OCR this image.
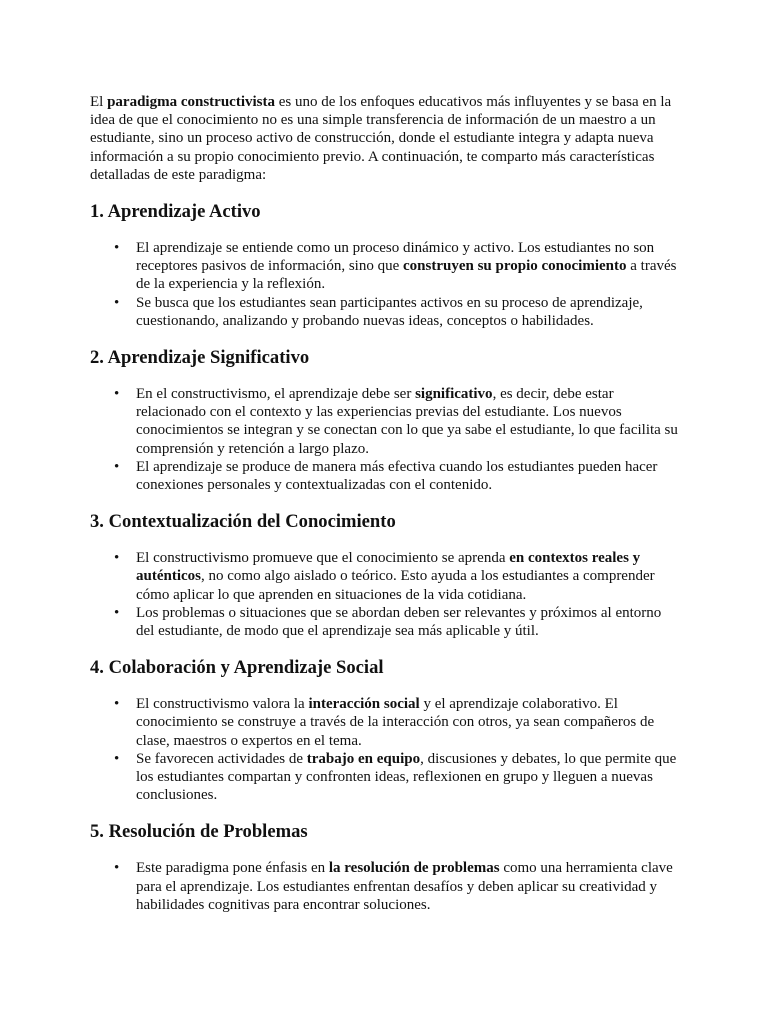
El paradigma constructivista es uno de los enfoques educativos más influyentes y se basa en la idea de que el conocimiento no es una simple transferencia de información de un maestro a un estudiante, sino un proceso activo de construcción, donde el estudiante integra y adapta nueva información a su propio conocimiento previo. A continuación, te comparto más características detalladas de este paradigma:

1. Aprendizaje Activo
• El aprendizaje se entiende como un proceso dinámico y activo. Los estudiantes no son receptores pasivos de información, sino que construyen su propio conocimiento a través de la experiencia y la reflexión.
• Se busca que los estudiantes sean participantes activos en su proceso de aprendizaje, cuestionando, analizando y probando nuevas ideas, conceptos o habilidades.
2. Aprendizaje Significativo
• En el constructivismo, el aprendizaje debe ser significativo, es decir, debe estar relacionado con el contexto y las experiencias previas del estudiante. Los nuevos conocimientos se integran y se conectan con lo que ya sabe el estudiante, lo que facilita su comprensión y retención a largo plazo.
• El aprendizaje se produce de manera más efectiva cuando los estudiantes pueden hacer conexiones personales y contextualizadas con el contenido.
3. Contextualización del Conocimiento
• El constructivismo promueve que el conocimiento se aprenda en contextos reales y auténticos, no como algo aislado o teórico. Esto ayuda a los estudiantes a comprender cómo aplicar lo que aprenden en situaciones de la vida cotidiana.
• Los problemas o situaciones que se abordan deben ser relevantes y próximos al entorno del estudiante, de modo que el aprendizaje sea más aplicable y útil.
4. Colaboración y Aprendizaje Social
• El constructivismo valora la interacción social y el aprendizaje colaborativo. El conocimiento se construye a través de la interacción con otros, ya sean compañeros de clase, maestros o expertos en el tema.
• Se favorecen actividades de trabajo en equipo, discusiones y debates, lo que permite que los estudiantes compartan y confronten ideas, reflexionen en grupo y lleguen a nuevas conclusiones.
5. Resolución de Problemas
• Este paradigma pone énfasis en la resolución de problemas como una herramienta clave para el aprendizaje. Los estudiantes enfrentan desafíos y deben aplicar su creatividad y habilidades cognitivas para encontrar soluciones.
